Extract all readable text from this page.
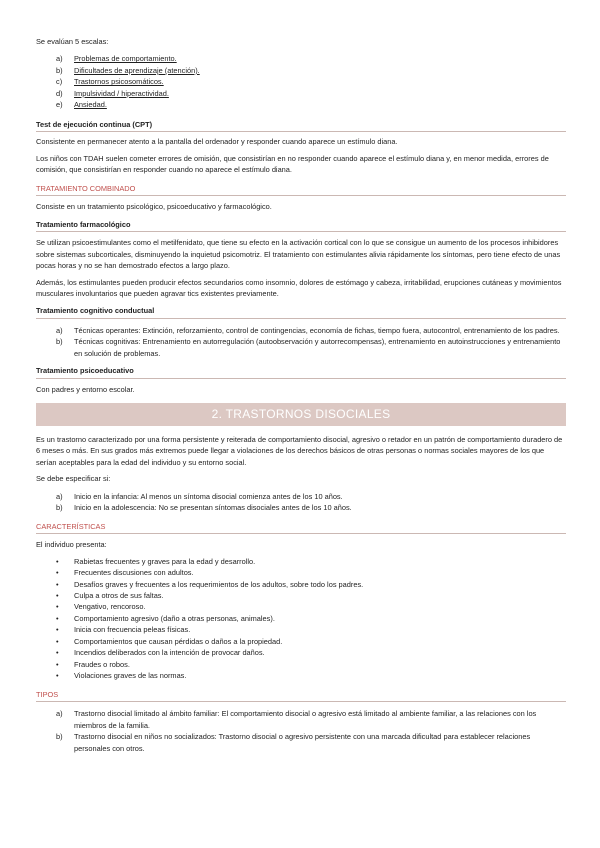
Se evalúan 5 escalas:

a)	Problemas de comportamiento.
b)	Dificultades de aprendizaje (atención).
c)	Trastornos psicosomáticos.
d)	Impulsividad / hiperactividad.
e)	Ansiedad.
Test de ejecución continua (CPT)

Consistente en permanecer atento a la pantalla del ordenador y responder cuando aparece un estímulo diana.

Los niños con TDAH suelen cometer errores de omisión, que consistirían en no responder cuando aparece el estímulo diana y, en menor medida, errores de comisión, que consistirían en responder cuando no aparece el estímulo diana.

TRATAMIENTO COMBINADO

Consiste en un tratamiento psicológico, psicoeducativo y farmacológico.

Tratamiento farmacológico

Se utilizan psicoestimulantes como el metilfenidato, que tiene su efecto en la activación cortical con lo que se consigue un aumento de los procesos inhibidores sobre sistemas subcorticales, disminuyendo la inquietud psicomotriz. El tratamiento con estimulantes alivia rápidamente los síntomas, pero tiene efecto de unas pocas horas y no se han demostrado efectos a largo plazo.

Además, los estimulantes pueden producir efectos secundarios como insomnio, dolores de estómago y cabeza, irritabilidad, erupciones cutáneas y movimientos musculares involuntarios que pueden agravar tics existentes previamente.

Tratamiento cognitivo conductual
a)	Técnicas operantes: Extinción, reforzamiento, control de contingencias, economía de fichas, tiempo fuera, autocontrol, entrenamiento de los padres.
b)	Técnicas cognitivas: Entrenamiento en autorregulación (autoobservación y autorrecompensas), entrenamiento en autoinstrucciones y entrenamiento en solución de problemas.
Tratamiento psicoeducativo

Con padres y entorno escolar.

2. TRASTORNOS DISOCIALES

Es un trastorno caracterizado por una forma persistente y reiterada de comportamiento disocial, agresivo o retador en un patrón de comportamiento duradero de 6 meses o más. En sus grados más extremos puede llegar a violaciones de los derechos básicos de otras personas o normas sociales mayores de los que serían aceptables para la edad del individuo y su entorno social.

Se debe especificar si:

a)	Inicio en la infancia: Al menos un síntoma disocial comienza antes de los 10 años.
b)	Inicio en la adolescencia: No se presentan síntomas disociales antes de los 10 años.
CARACTERÍSTICAS

El individuo presenta:

•	Rabietas frecuentes y graves para la edad y desarrollo.
•	Frecuentes discusiones con adultos.
•	Desafíos graves y frecuentes a los requerimientos de los adultos, sobre todo los padres.
•	Culpa a otros de sus faltas.
•	Vengativo, rencoroso.
•	Comportamiento agresivo (daño a otras personas, animales).
•	Inicia con frecuencia peleas físicas.
•	Comportamientos que causan pérdidas o daños a la propiedad.
•	Incendios deliberados con la intención de provocar daños.
•	Fraudes o robos.
•	Violaciones graves de las normas.
TIPOS
a)	Trastorno disocial limitado al ámbito familiar: El comportamiento disocial o agresivo está limitado al ambiente familiar, a las relaciones con los miembros de la familia.
b)	Trastorno disocial en niños no socializados: Trastorno disocial o agresivo persistente con una marcada dificultad para establecer relaciones personales con otros.
